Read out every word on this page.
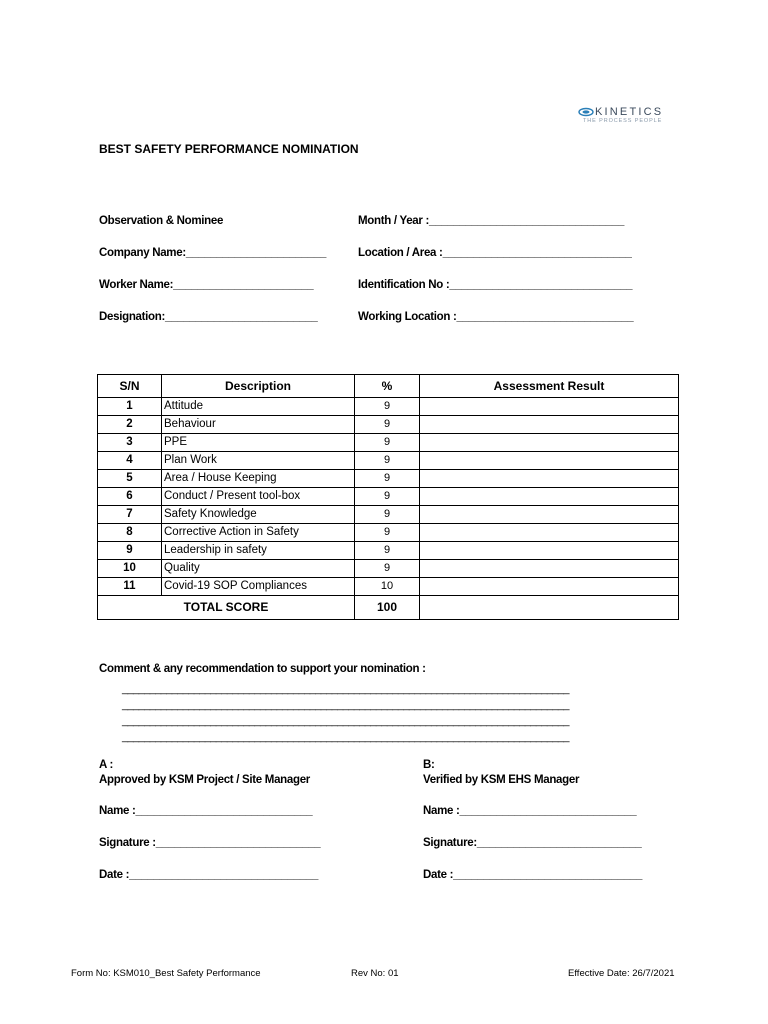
KINETICS
THE PROCESS PEOPLE
BEST SAFETY PERFORMANCE NOMINATION
Observation & Nominee
Company Name:_______________________
Worker Name:_______________________
Designation:_________________________
Month / Year :________________________________
Location / Area :_______________________________
Identification No :______________________________
Working Location :_____________________________
S/N	Description	%	Assessment Result
1	Attitude	9	
2	Behaviour	9	
3	PPE	9	
4	Plan Work	9	
5	Area / House Keeping	9	
6	Conduct / Present tool-box	9	
7	Safety Knowledge	9	
8	Corrective Action in Safety	9	
9	Leadership in safety	9	
10	Quality	9	
11	Covid-19 SOP Compliances	10	
TOTAL SCORE		100	
Comment & any recommendation to support your nomination :
_________________________________________________________________________________
_________________________________________________________________________________
_________________________________________________________________________________
_________________________________________________________________________________
A :
Approved by KSM Project / Site Manager
Name :_____________________________
Signature :___________________________
Date :_______________________________
B:
Verified by KSM EHS Manager
Name :_____________________________
Signature:___________________________
Date :_______________________________
Form No: KSM010_Best Safety Performance	Rev No: 01	Effective Date: 26/7/2021
